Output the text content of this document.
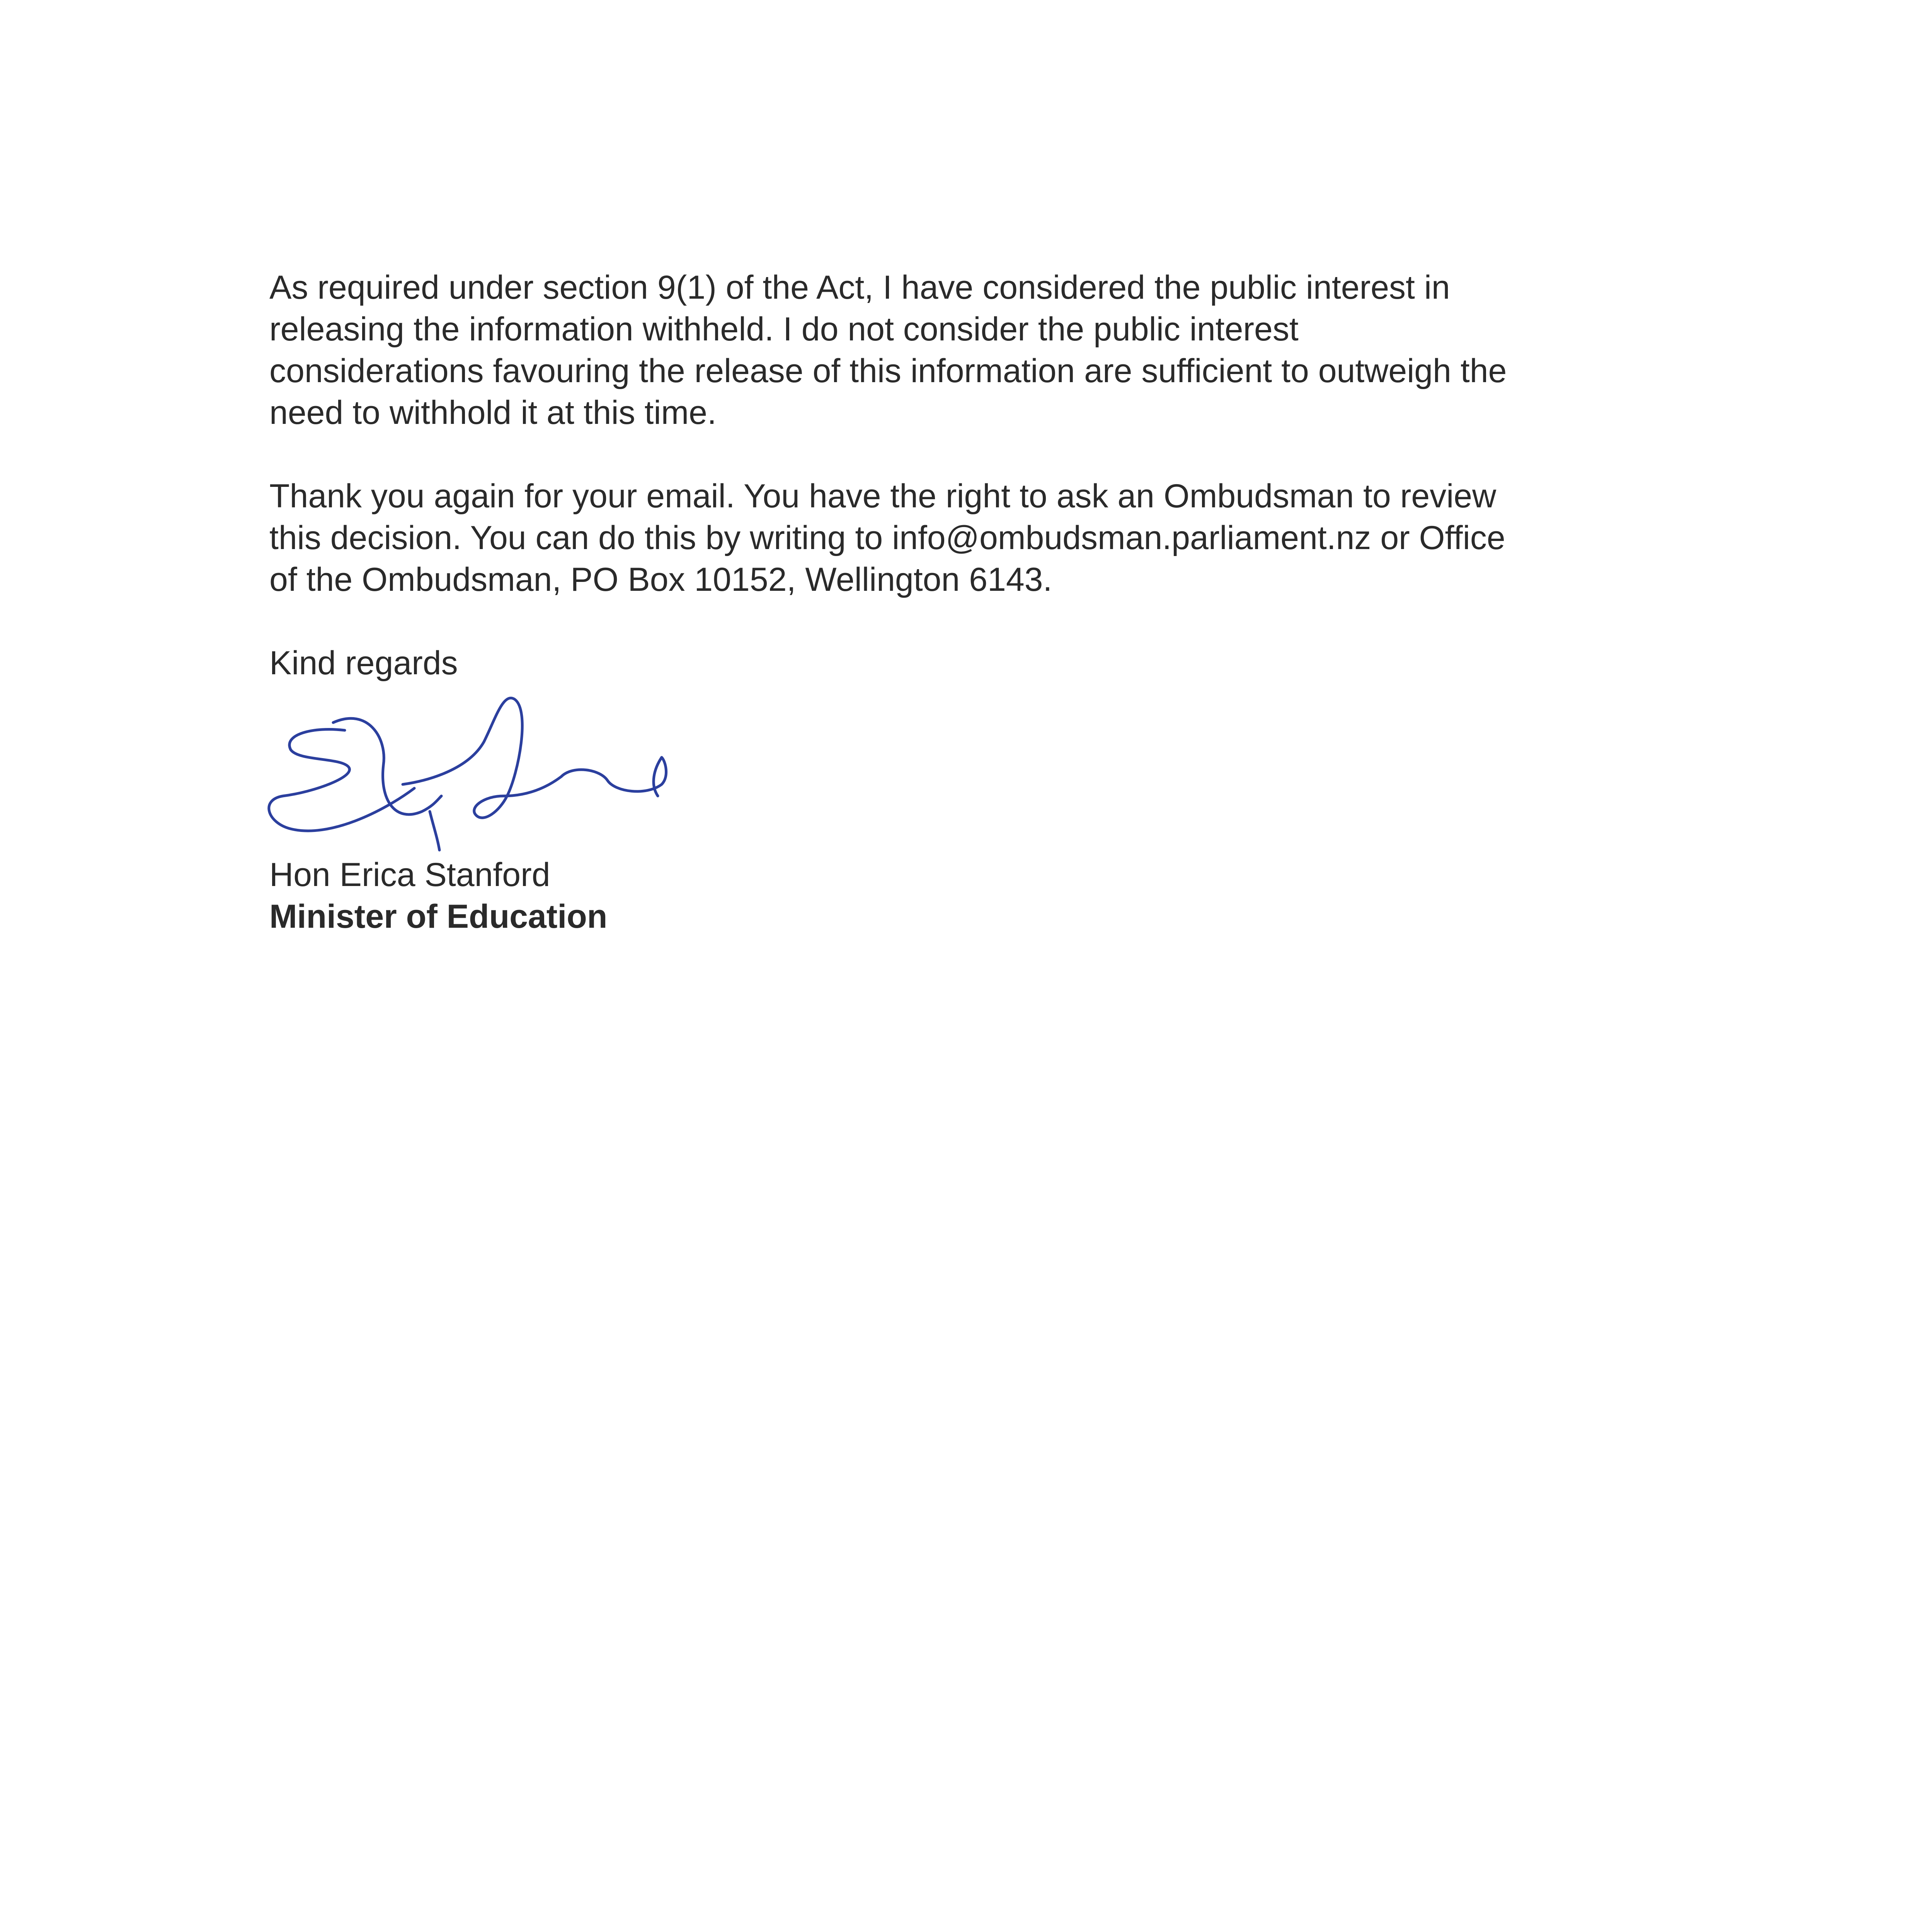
As required under section 9(1) of the Act, I have considered the public interest in
releasing the information withheld. I do not consider the public interest
considerations favouring the release of this information are sufficient to outweigh the
need to withhold it at this time.

Thank you again for your email. You have the right to ask an Ombudsman to review
this decision. You can do this by writing to info@ombudsman.parliament.nz or Office
of the Ombudsman, PO Box 10152, Wellington 6143.

Kind regards

Hon Erica Stanford

Minister of Education
